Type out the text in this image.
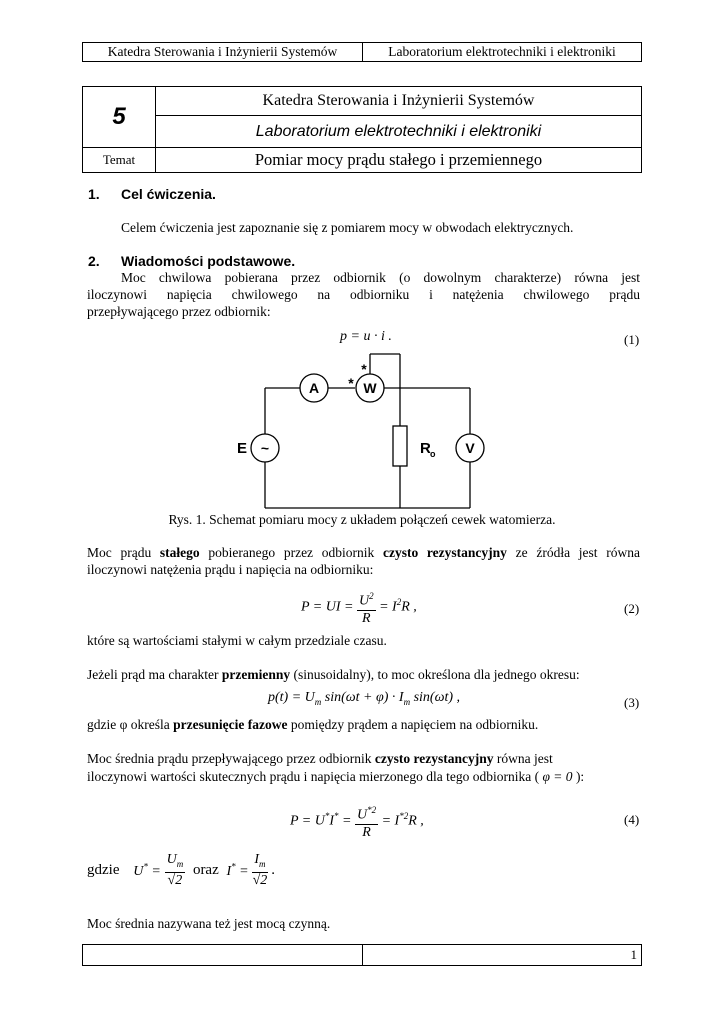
Katedra Sterowania i Inżynierii Systemów	Laboratorium elektrotechniki i elektroniki
5	Katedra Sterowania i Inżynierii Systemów
	Laboratorium elektrotechniki i elektroniki
Temat	Pomiar mocy prądu stałego i przemiennego
1. Cel ćwiczenia.
Celem ćwiczenia jest zapoznanie się z pomiarem mocy w obwodach elektrycznych.
2. Wiadomości podstawowe.
Moc chwilowa pobierana przez odbiornik (o dowolnym charakterze) równa jest
iloczynowi napięcia chwilowego na odbiorniku i natężenia chwilowego prądu
przepływającego przez odbiornik:
p = u · i .	(1)
A	W
V
~
E	R o
*
*
Rys. 1. Schemat pomiaru mocy z układem połączeń cewek watomierza.
Moc prądu stałego pobieranego przez odbiornik czysto rezystancyjny ze źródła jest równa
iloczynowi natężenia prądu i napięcia na odbiorniku:
P = UI = $\frac{U^2}{R} = I^2R$ ,	(2)
które są wartościami stałymi w całym przedziale czasu.
Jeżeli prąd ma charakter przemienny (sinusoidalny), to moc określona dla jednego okresu:
$p(t) = U_m$ $\sin(\omega t + \varphi) \cdot I_m$ sin(ωt) ,	(3)
gdzie φ określa przesunięcie fazowe pomiędzy prądem a napięciem na odbiorniku.
Moc średnia prądu przepływającego przez odbiornik czysto rezystancyjny równa jest
iloczynowi wartości skutecznych prądu i napięcia mierzonego dla tego odbiornika ( φ = 0 ):
$P = U^*I^* = \frac{U^{*2}}{R} = I^{*2}R$ ,	(4)
gdzie $U^* = \frac{U_m}{√2}$ oraz $I^* = \frac{I_m}{√2}$ .
Moc średnia nazywana też jest mocą czynną.
	1
